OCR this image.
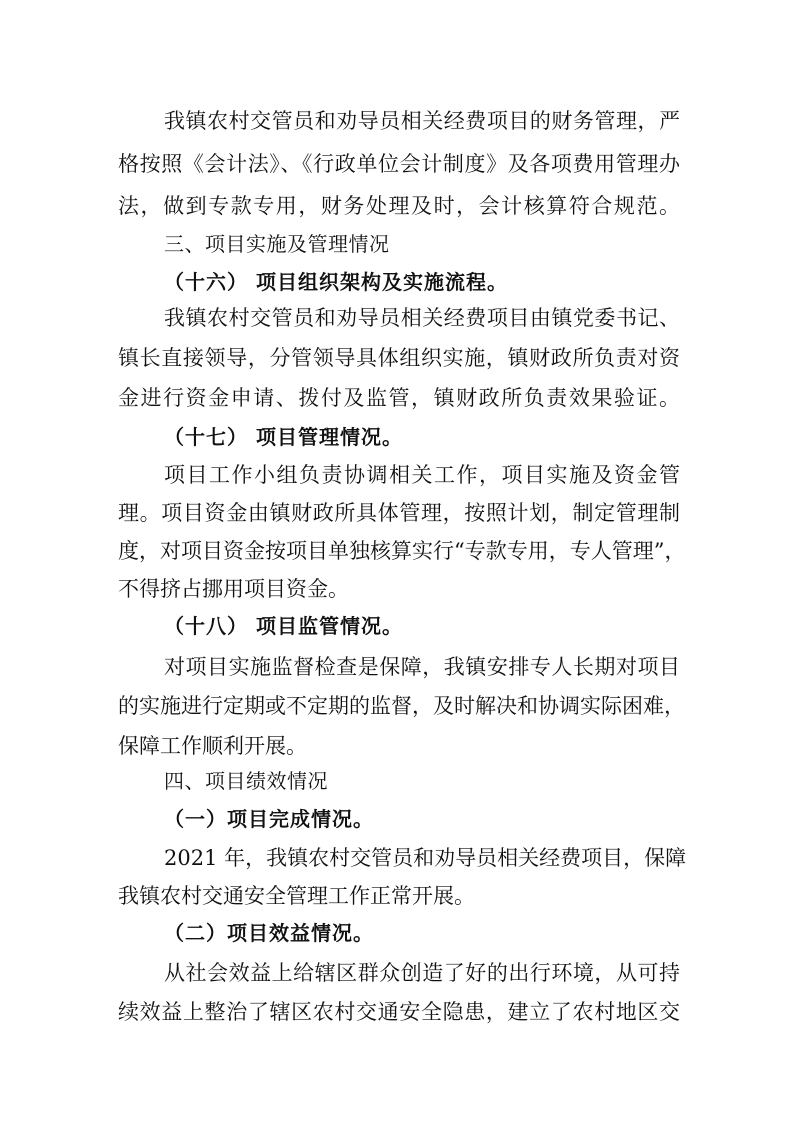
我镇农村交管员和劝导员相关经费项目的财务管理，严
格按照《会计法》、《行政单位会计制度》及各项费用管理办
法，做到专款专用，财务处理及时，会计核算符合规范。
三、项目实施及管理情况
（十六） 项目组织架构及实施流程。
我镇农村交管员和劝导员相关经费项目由镇党委书记、
镇长直接领导，分管领导具体组织实施，镇财政所负责对资
金进行资金申请、拨付及监管，镇财政所负责效果验证。
（十七） 项目管理情况。
项目工作小组负责协调相关工作，项目实施及资金管
理。项目资金由镇财政所具体管理，按照计划，制定管理制
度，对项目资金按项目单独核算实行“专款专用，专人管理”，
不得挤占挪用项目资金。
（十八） 项目监管情况。
对项目实施监督检查是保障，我镇安排专人长期对项目
的实施进行定期或不定期的监督，及时解决和协调实际困难，
保障工作顺利开展。
四、项目绩效情况
（一）项目完成情况。
2021 年，我镇农村交管员和劝导员相关经费项目，保障
我镇农村交通安全管理工作正常开展。
（二）项目效益情况。
从社会效益上给辖区群众创造了好的出行环境，从可持
续效益上整治了辖区农村交通安全隐患，建立了农村地区交
